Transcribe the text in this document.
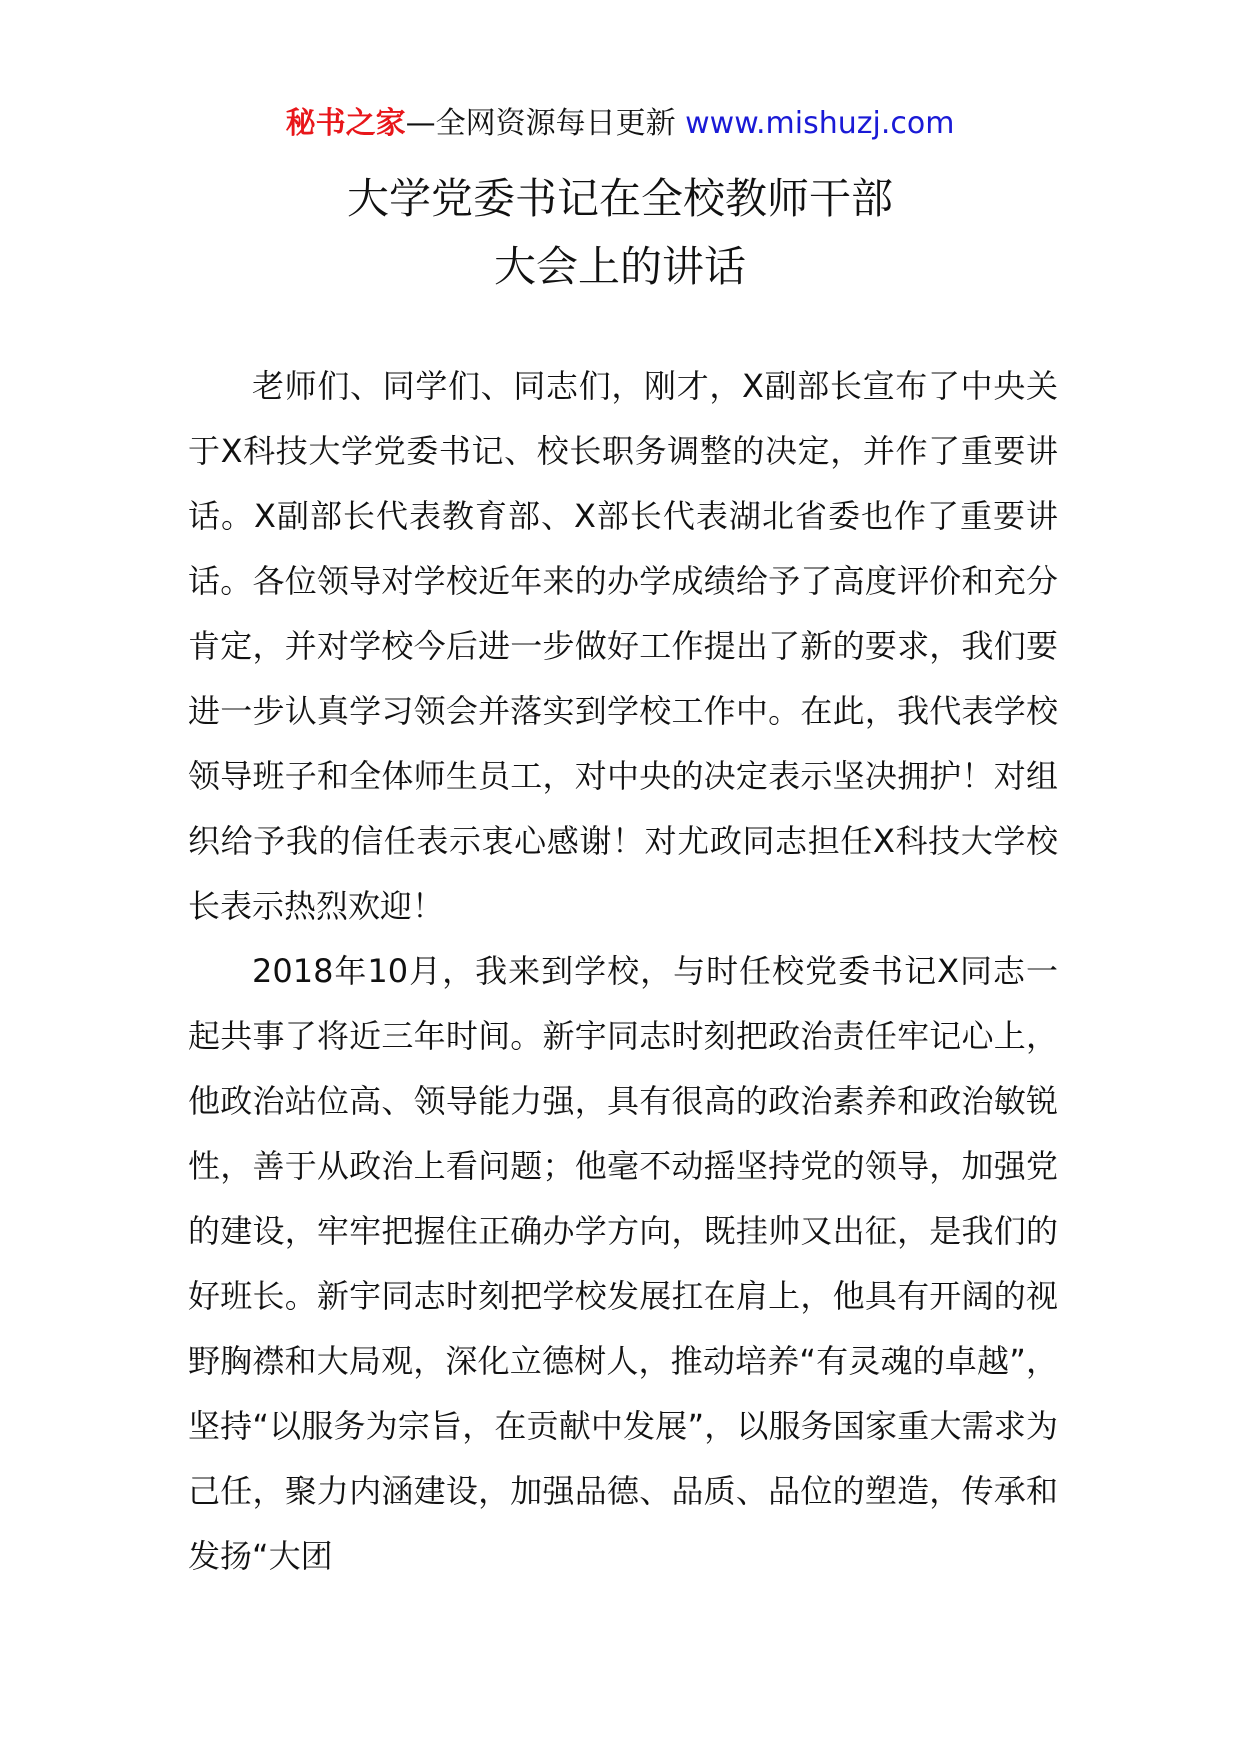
秘书之家—全网资源每日更新 www.mishuzj.com
大学党委书记在全校教师干部
大会上的讲话

老师们、同学们、同志们，刚才，X副部长宣布了中央关于X科技大学党委书记、校长职务调整的决定，并作了重要讲话。X副部长代表教育部、X部长代表湖北省委也作了重要讲话。各位领导对学校近年来的办学成绩给予了高度评价和充分肯定，并对学校今后进一步做好工作提出了新的要求，我们要进一步认真学习领会并落实到学校工作中。在此，我代表学校领导班子和全体师生员工，对中央的决定表示坚决拥护！对组织给予我的信任表示衷心感谢！对尤政同志担任X科技大学校长表示热烈欢迎！

2018年10月，我来到学校，与时任校党委书记X同志一起共事了将近三年时间。新宇同志时刻把政治责任牢记心上，他政治站位高、领导能力强，具有很高的政治素养和政治敏锐性，善于从政治上看问题；他毫不动摇坚持党的领导，加强党的建设，牢牢把握住正确办学方向，既挂帅又出征，是我们的好班长。新宇同志时刻把学校发展扛在肩上，他具有开阔的视野胸襟和大局观，深化立德树人，推动培养“有灵魂的卓越”，坚持“以服务为宗旨，在贡献中发展”，以服务国家重大需求为己任，聚力内涵建设，加强品德、品质、品位的塑造，传承和发扬“大团
